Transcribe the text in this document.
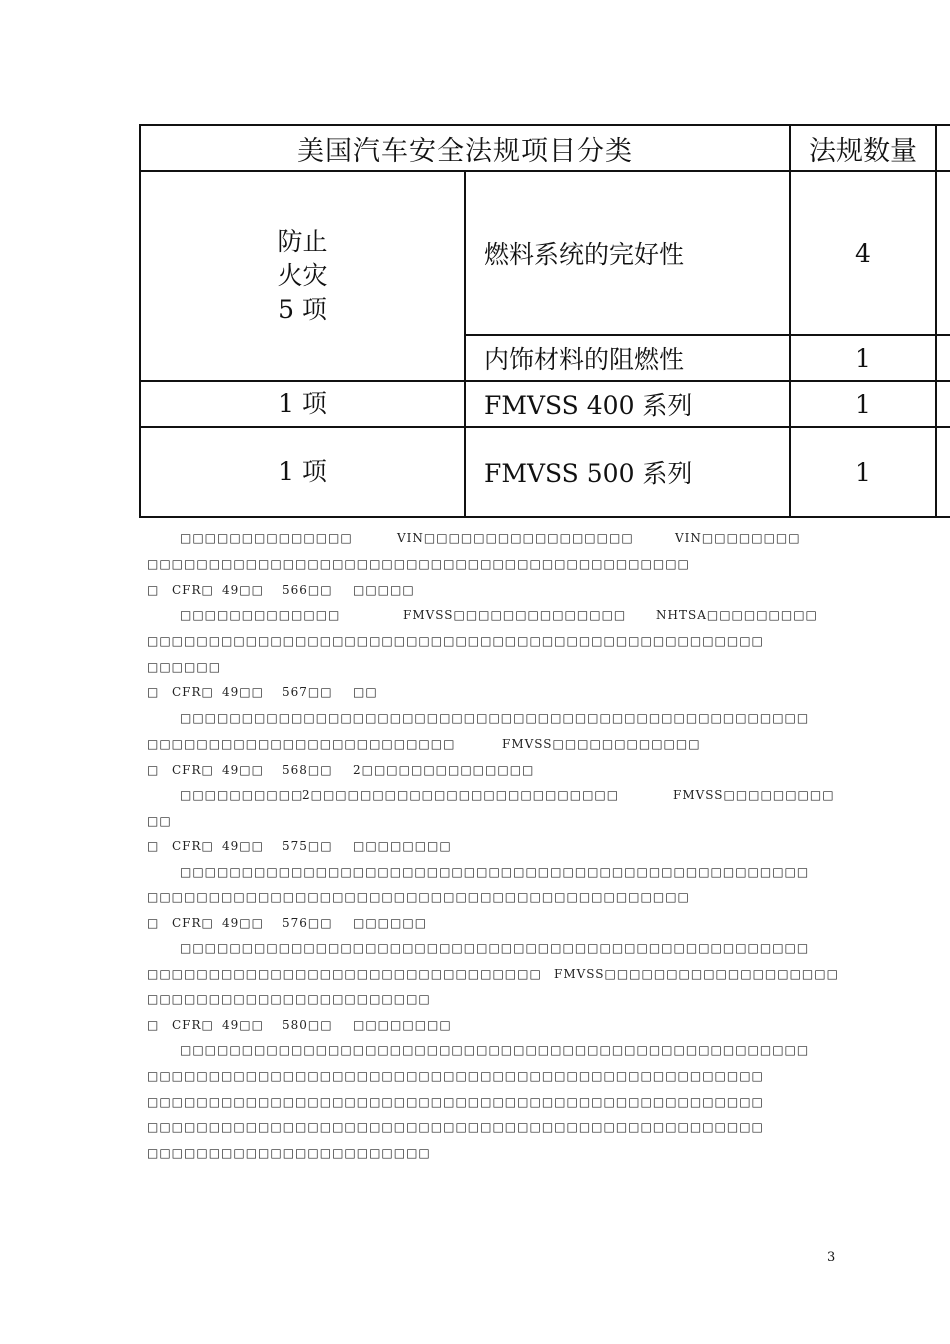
美国汽车安全法规项目分类		法规数量	

防止
火灾
5 项	燃料系统的完好性	4	
	内饰材料的阻燃性	1	
1 项	FMVSS 400 系列	1	
1 项	FMVSS 500 系列	1	
□□□□□□□□□□□□□□	VIN□□□□□□□□□□□□□□□□□	VIN□□□□□□□□
□□□□□□□□□□□□□□□□□□□□□□□□□□□□□□□□□□□□□□□□□□□□
□ CFR□ 49□□ 566□□ □□□□□
□□□□□□□□□□□□□	FMVSS□□□□□□□□□□□□□□ NHTSA□□□□□□□□□
□□□□□□□□□□□□□□□□□□□□□□□□□□□□□□□□□□□□□□□□□□□□□□□□□□
□□□□□□
□ CFR□ 49□□ 567□□ □□
□□□□□□□□□□□□□□□□□□□□□□□□□□□□□□□□□□□□□□□□□□□□□□□□□□□
□□□□□□□□□□□□□□□□□□□□□□□□□	FMVSS□□□□□□□□□□□□
□ CFR□ 49□□ 568□□ 2□□□□□□□□□□□□□□
□□□□□□□□□□
2□□□□□□□□□□□□□□□□□□□□□□□□□	FMVSS□□□□□□□□□
□□
□ CFR□ 49□□ 575□□ □□□□□□□□
□□□□□□□□□□□□□□□□□□□□□□□□□□□□□□□□□□□□□□□□□□□□□□□□□□□
□□□□□□□□□□□□□□□□□□□□□□□□□□□□□□□□□□□□□□□□□□□□
□ CFR□ 49□□ 576□□ □□□□□□
□□□□□□□□□□□□□□□□□□□□□□□□□□□□□□□□□□□□□□□□□□□□□□□□□□□
□□□□□□□□□□□□□□□□□□□□□□□□□□□□□□□□ FMVSS□□□□□□□□□□□□□□□□□□□
□□□□□□□□□□□□□□□□□□□□□□□
□ CFR□ 49□□ 580□□ □□□□□□□□
□□□□□□□□□□□□□□□□□□□□□□□□□□□□□□□□□□□□□□□□□□□□□□□□□□□
□□□□□□□□□□□□□□□□□□□□□□□□□□□□□□□□□□□□□□□□□□□□□□□□□□
□□□□□□□□□□□□□□□□□□□□□□□□□□□□□□□□□□□□□□□□□□□□□□□□□□
□□□□□□□□□□□□□□□□□□□□□□□□□□□□□□□□□□□□□□□□□□□□□□□□□□
□□□□□□□□□□□□□□□□□□□□□□□
3
